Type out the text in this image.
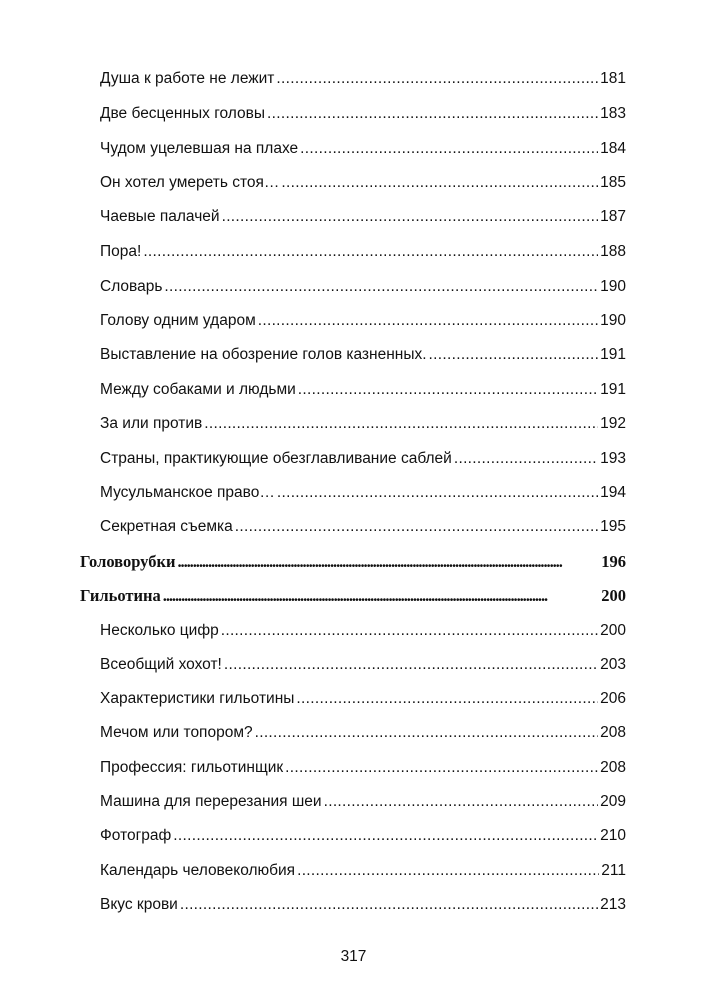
Душа к работе не лежит . . .	181
Две бесценных головы . . .	183
Чудом уцелевшая на плахе . . .	184
Он хотел умереть стоя… . . .	185
Чаевые палачей . . .	187
Пора! . . .	188
Словарь . . .	190
Голову одним ударом . . .	190
Выставление на обозрение голов казненных. . . .	191
Между собаками и людьми . . .	191
За или против . . .	192
Страны, практикующие обезглавливание саблей . . .	193
Мусульманское право… . . .	194
Секретная съемка . . .	195
Головорубки . . .	196
Гильотина . . .	200
Несколько цифр . . .	200
Всеобщий хохот! . . .	203
Характеристики гильотины . . .	206
Мечом или топором? . . .	208
Профессия: гильотинщик . . .	208
Машина для перерезания шеи . . .	209
Фотограф . . .	210
Календарь человеколюбия . . .	211
Вкус крови . . .	213
317
